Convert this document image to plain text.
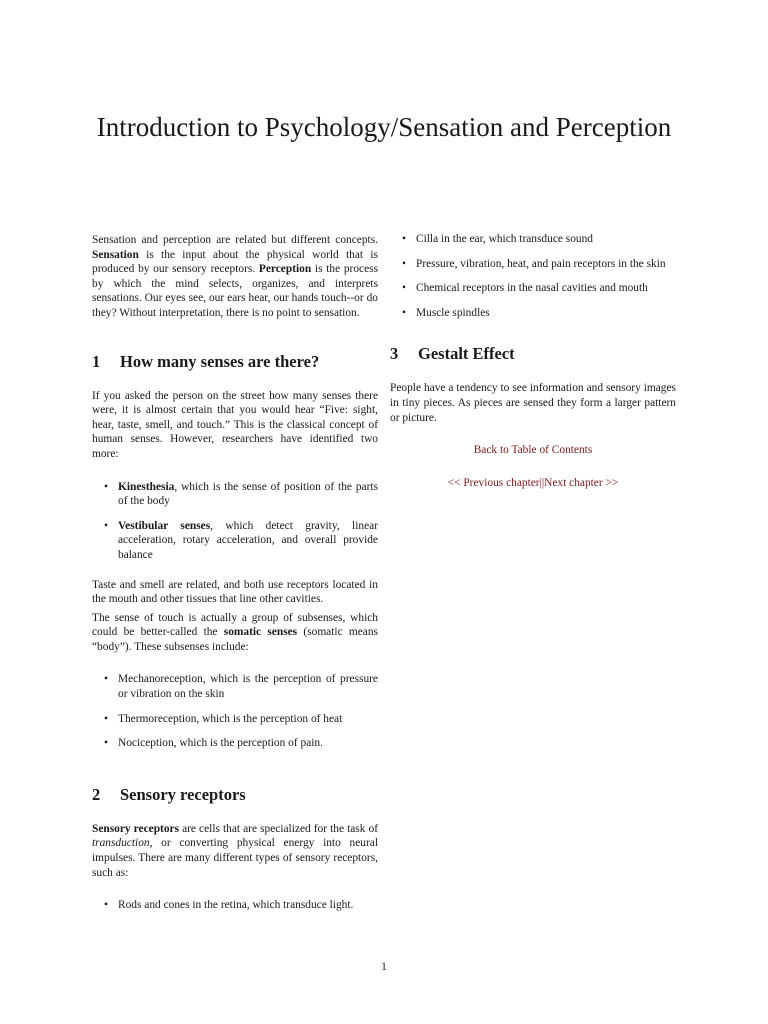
Introduction to Psychology/Sensation and Perception

Sensation and perception are related but different concepts. Sensation is the input about the physical world that is produced by our sensory receptors. Perception is the process by which the mind selects, organizes, and interprets sensations. Our eyes see, our ears hear, our hands touch--or do they? Without interpretation, there is no point to sensation.

1 How many senses are there?

If you asked the person on the street how many senses there were, it is almost certain that you would hear “Five: sight, hear, taste, smell, and touch.” This is the classical concept of human senses. However, researchers have identified two more:

• Kinesthesia, which is the sense of position of the parts of the body
• Vestibular senses, which detect gravity, linear acceleration, rotary acceleration, and overall provide balance

Taste and smell are related, and both use receptors located in the mouth and other tissues that line other cavities.

The sense of touch is actually a group of subsenses, which could be better-called the somatic senses (somatic means “body”). These subsenses include:

• Mechanoreception, which is the perception of pressure or vibration on the skin
• Thermoreception, which is the perception of heat
• Nociception, which is the perception of pain.
2 Sensory receptors

Sensory receptors are cells that are specialized for the task of transduction, or converting physical energy into neural impulses. There are many different types of sensory receptors, such as:

• Rods and cones in the retina, which transduce light.
• Cilla in the ear, which transduce sound
• Pressure, vibration, heat, and pain receptors in the skin
• Chemical receptors in the nasal cavities and mouth
• Muscle spindles
3 Gestalt Effect

People have a tendency to see information and sensory images in tiny pieces. As pieces are sensed they form a larger pattern or picture.

Back to Table of Contents
<< Previous chapter||Next chapter >>
1
